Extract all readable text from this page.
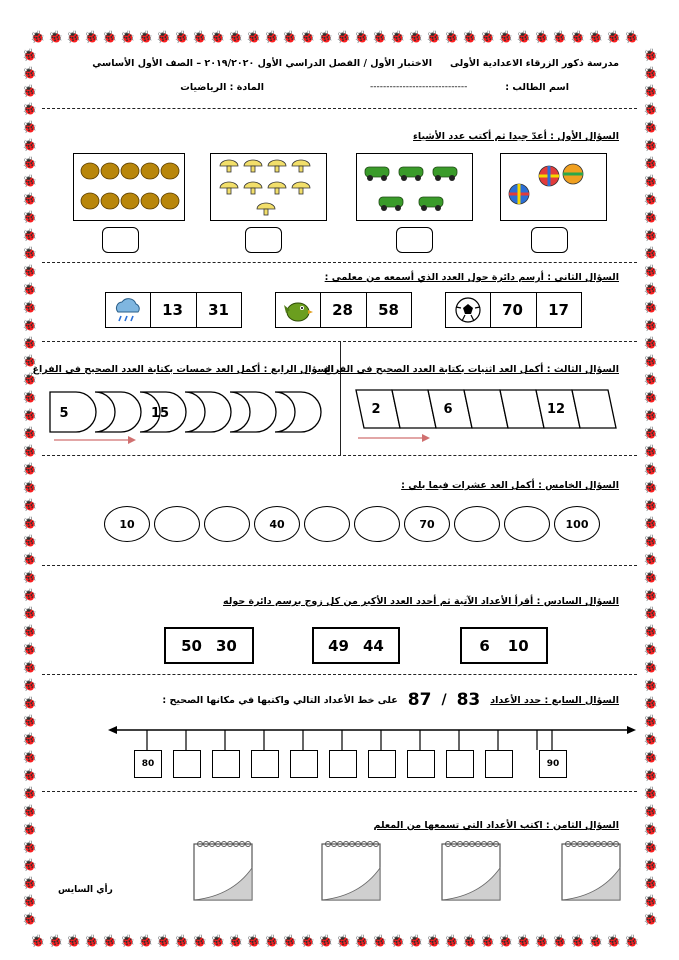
🐞
🐞
🐞
🐞
🐞
🐞
🐞
🐞
🐞
🐞
🐞
🐞
🐞
🐞
🐞
🐞
🐞
🐞
🐞
🐞
🐞
🐞
🐞
🐞
🐞
🐞
🐞
🐞
🐞
🐞
🐞
🐞
🐞
🐞
🐞
🐞
🐞
🐞
🐞
🐞
🐞
🐞
🐞
🐞
🐞
🐞
🐞
🐞
🐞
🐞
🐞
🐞
🐞
🐞
🐞
🐞
🐞
🐞
🐞
🐞
🐞
🐞
🐞
🐞
🐞
🐞
🐞
🐞
🐞	🐞
🐞	🐞
🐞	🐞
🐞	🐞
🐞	🐞
🐞	🐞
🐞	🐞
🐞	🐞
🐞	🐞
🐞	🐞
🐞	🐞
🐞	🐞
🐞	🐞
🐞	🐞
🐞	🐞
🐞	🐞
🐞	🐞
🐞	🐞
🐞	🐞
🐞	🐞
🐞	🐞
🐞	🐞
🐞	🐞
🐞	🐞
🐞	🐞
🐞	🐞
🐞	🐞
🐞	🐞
🐞	🐞
🐞	🐞
🐞	🐞
🐞	🐞
🐞	🐞
🐞	🐞
🐞	🐞
🐞	🐞
🐞	🐞
🐞	🐞
🐞	🐞
🐞	🐞
🐞	🐞
🐞	🐞
🐞	🐞
🐞	🐞
🐞	🐞
🐞	🐞
🐞	🐞
🐞	🐞
🐞	🐞
مدرسة ذكور الزرقاء الاعدادية الأولى
الاختبار الأول / الفصل الدراسي الأول ٢٠١٩/٢٠٢٠ – الصف الأول الأساسي
اسم الطالب :
------------------------------
المادة : الرياضيات
السؤال الأول : أعدّ جيدا ثم أكتب عدد الأشياء
السؤال الثاني : أرسم دائرة حول العدد الذي أسمعه من معلمي :
70	17
28	58
13	31
السؤال الثالث : أكمل العد اثنيات بكتابة العدد الصحيح في الفراغ
2	6	12
السؤال الرابع : أكمل العد خمسات بكتابة العدد الصحيح في الفراغ
5	15
السؤال الخامس : أكمل العد عشرات فيما يلي :
10	40	70	100
السؤال السادس : أقرأ الأعداد الآتية ثم أحدد العدد الأكبر من كل زوج برسم دائرة حوله
50 30	49 44	6 10
السؤال السابع : حدد الأعداد
83
/
87
على خط الأعداد التالي واكتبها في مكانها الصحيح :
80	90
السؤال الثامن : اكتب الأعداد التي تسمعها من المعلم
رأي السايس
